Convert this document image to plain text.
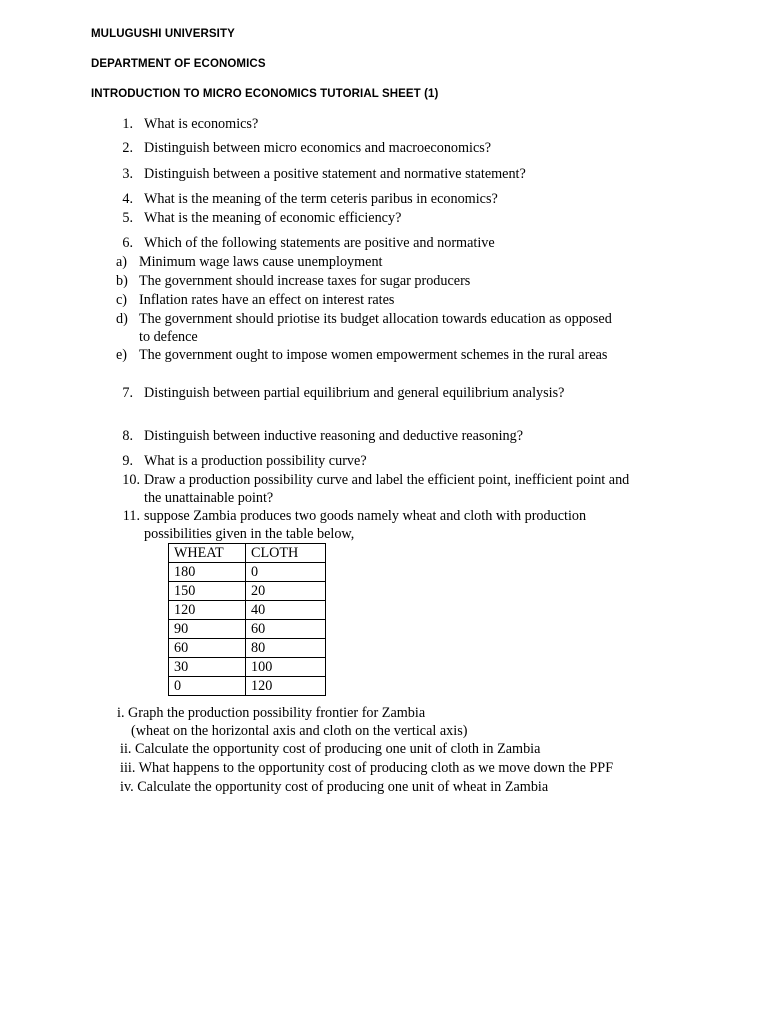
MULUGUSHI UNIVERSITY
DEPARTMENT OF ECONOMICS
INTRODUCTION TO MICRO ECONOMICS TUTORIAL SHEET (1)
1. What is economics?
2. Distinguish between micro economics and macroeconomics?
3. Distinguish between a positive statement and normative statement?
4. What is the meaning of the term ceteris paribus in economics?
5. What is the meaning of economic efficiency?
6. Which of the following statements are positive and normative
a) Minimum wage laws cause unemployment
b) The government should increase taxes for sugar producers
c) Inflation rates have an effect on interest rates
d) The government should priotise its budget allocation towards education as opposed
to defence
e) The government ought to impose women empowerment schemes in the rural areas
7. Distinguish between partial equilibrium and general equilibrium analysis?
8. Distinguish between inductive reasoning and deductive reasoning?
9. What is a production possibility curve?
10. Draw a production possibility curve and label the efficient point, inefficient point and
the unattainable point?
11. suppose Zambia produces two goods namely wheat and cloth with production
possibilities given in the table below,
WHEAT	CLOTH
180	0
150	20
120	40
90	60
60	80
30	100
0	120
i. Graph the production possibility frontier for Zambia
(wheat on the horizontal axis and cloth on the vertical axis)
ii. Calculate the opportunity cost of producing one unit of cloth in Zambia
iii. What happens to the opportunity cost of producing cloth as we move down the PPF
iv. Calculate the opportunity cost of producing one unit of wheat in Zambia
